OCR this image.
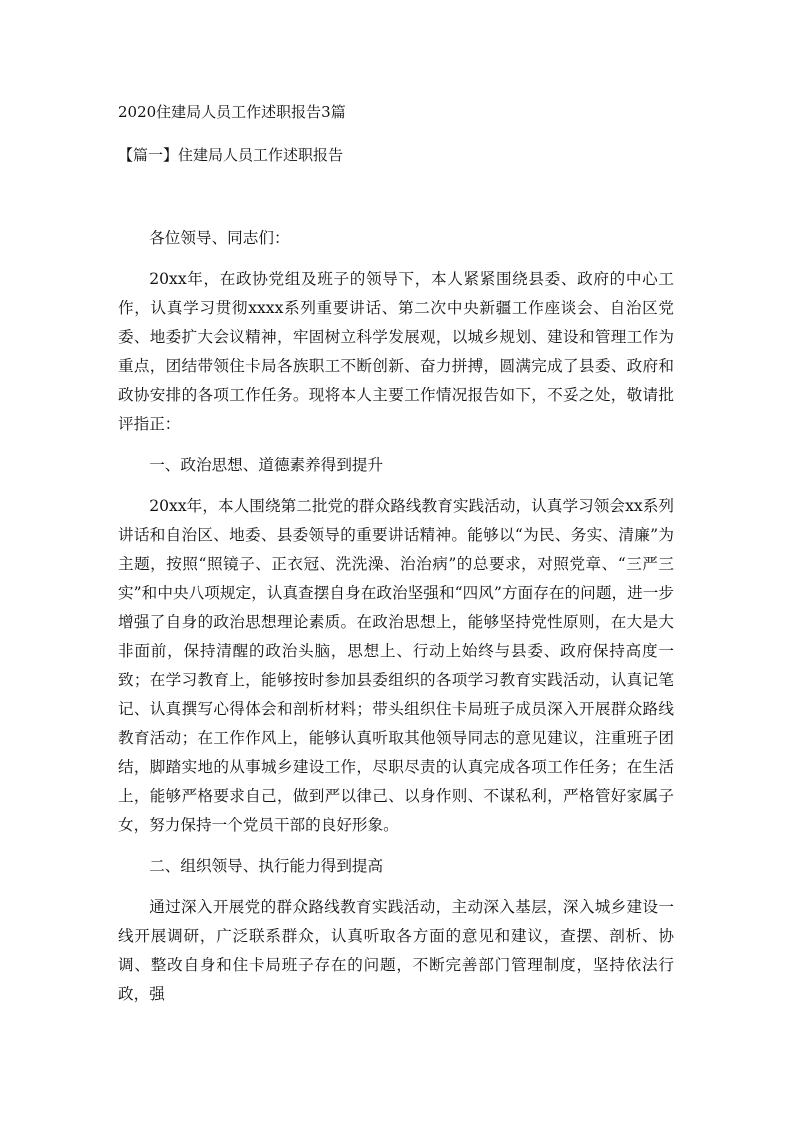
2020住建局人员工作述职报告3篇
【篇一】住建局人员工作述职报告

各位领导、同志们：

20xx年，在政协党组及班子的领导下，本人紧紧围绕县委、政府的中心工作，认真学习贯彻xxxx系列重要讲话、第二次中央新疆工作座谈会、自治区党委、地委扩大会议精神，牢固树立科学发展观，以城乡规划、建设和管理工作为重点，团结带领住卡局各族职工不断创新、奋力拼搏，圆满完成了县委、政府和政协安排的各项工作任务。现将本人主要工作情况报告如下，不妥之处，敬请批评指正：

一、政治思想、道德素养得到提升

20xx年，本人围绕第二批党的群众路线教育实践活动，认真学习领会xx系列讲话和自治区、地委、县委领导的重要讲话精神。能够以“为民、务实、清廉”为主题，按照“照镜子、正衣冠、洗洗澡、治治病”的总要求，对照党章、“三严三实”和中央八项规定，认真查摆自身在政治坚强和“四风”方面存在的问题，进一步增强了自身的政治思想理论素质。在政治思想上，能够坚持党性原则，在大是大非面前，保持清醒的政治头脑，思想上、行动上始终与县委、政府保持高度一致；在学习教育上，能够按时参加县委组织的各项学习教育实践活动，认真记笔记、认真撰写心得体会和剖析材料；带头组织住卡局班子成员深入开展群众路线教育活动；在工作作风上，能够认真听取其他领导同志的意见建议，注重班子团结，脚踏实地的从事城乡建设工作，尽职尽责的认真完成各项工作任务；在生活上，能够严格要求自己，做到严以律己、以身作则、不谋私利，严格管好家属子女，努力保持一个党员干部的良好形象。

二、组织领导、执行能力得到提高

通过深入开展党的群众路线教育实践活动，主动深入基层，深入城乡建设一线开展调研，广泛联系群众，认真听取各方面的意见和建议，查摆、剖析、协调、整改自身和住卡局班子存在的问题，不断完善部门管理制度，坚持依法行政，强
